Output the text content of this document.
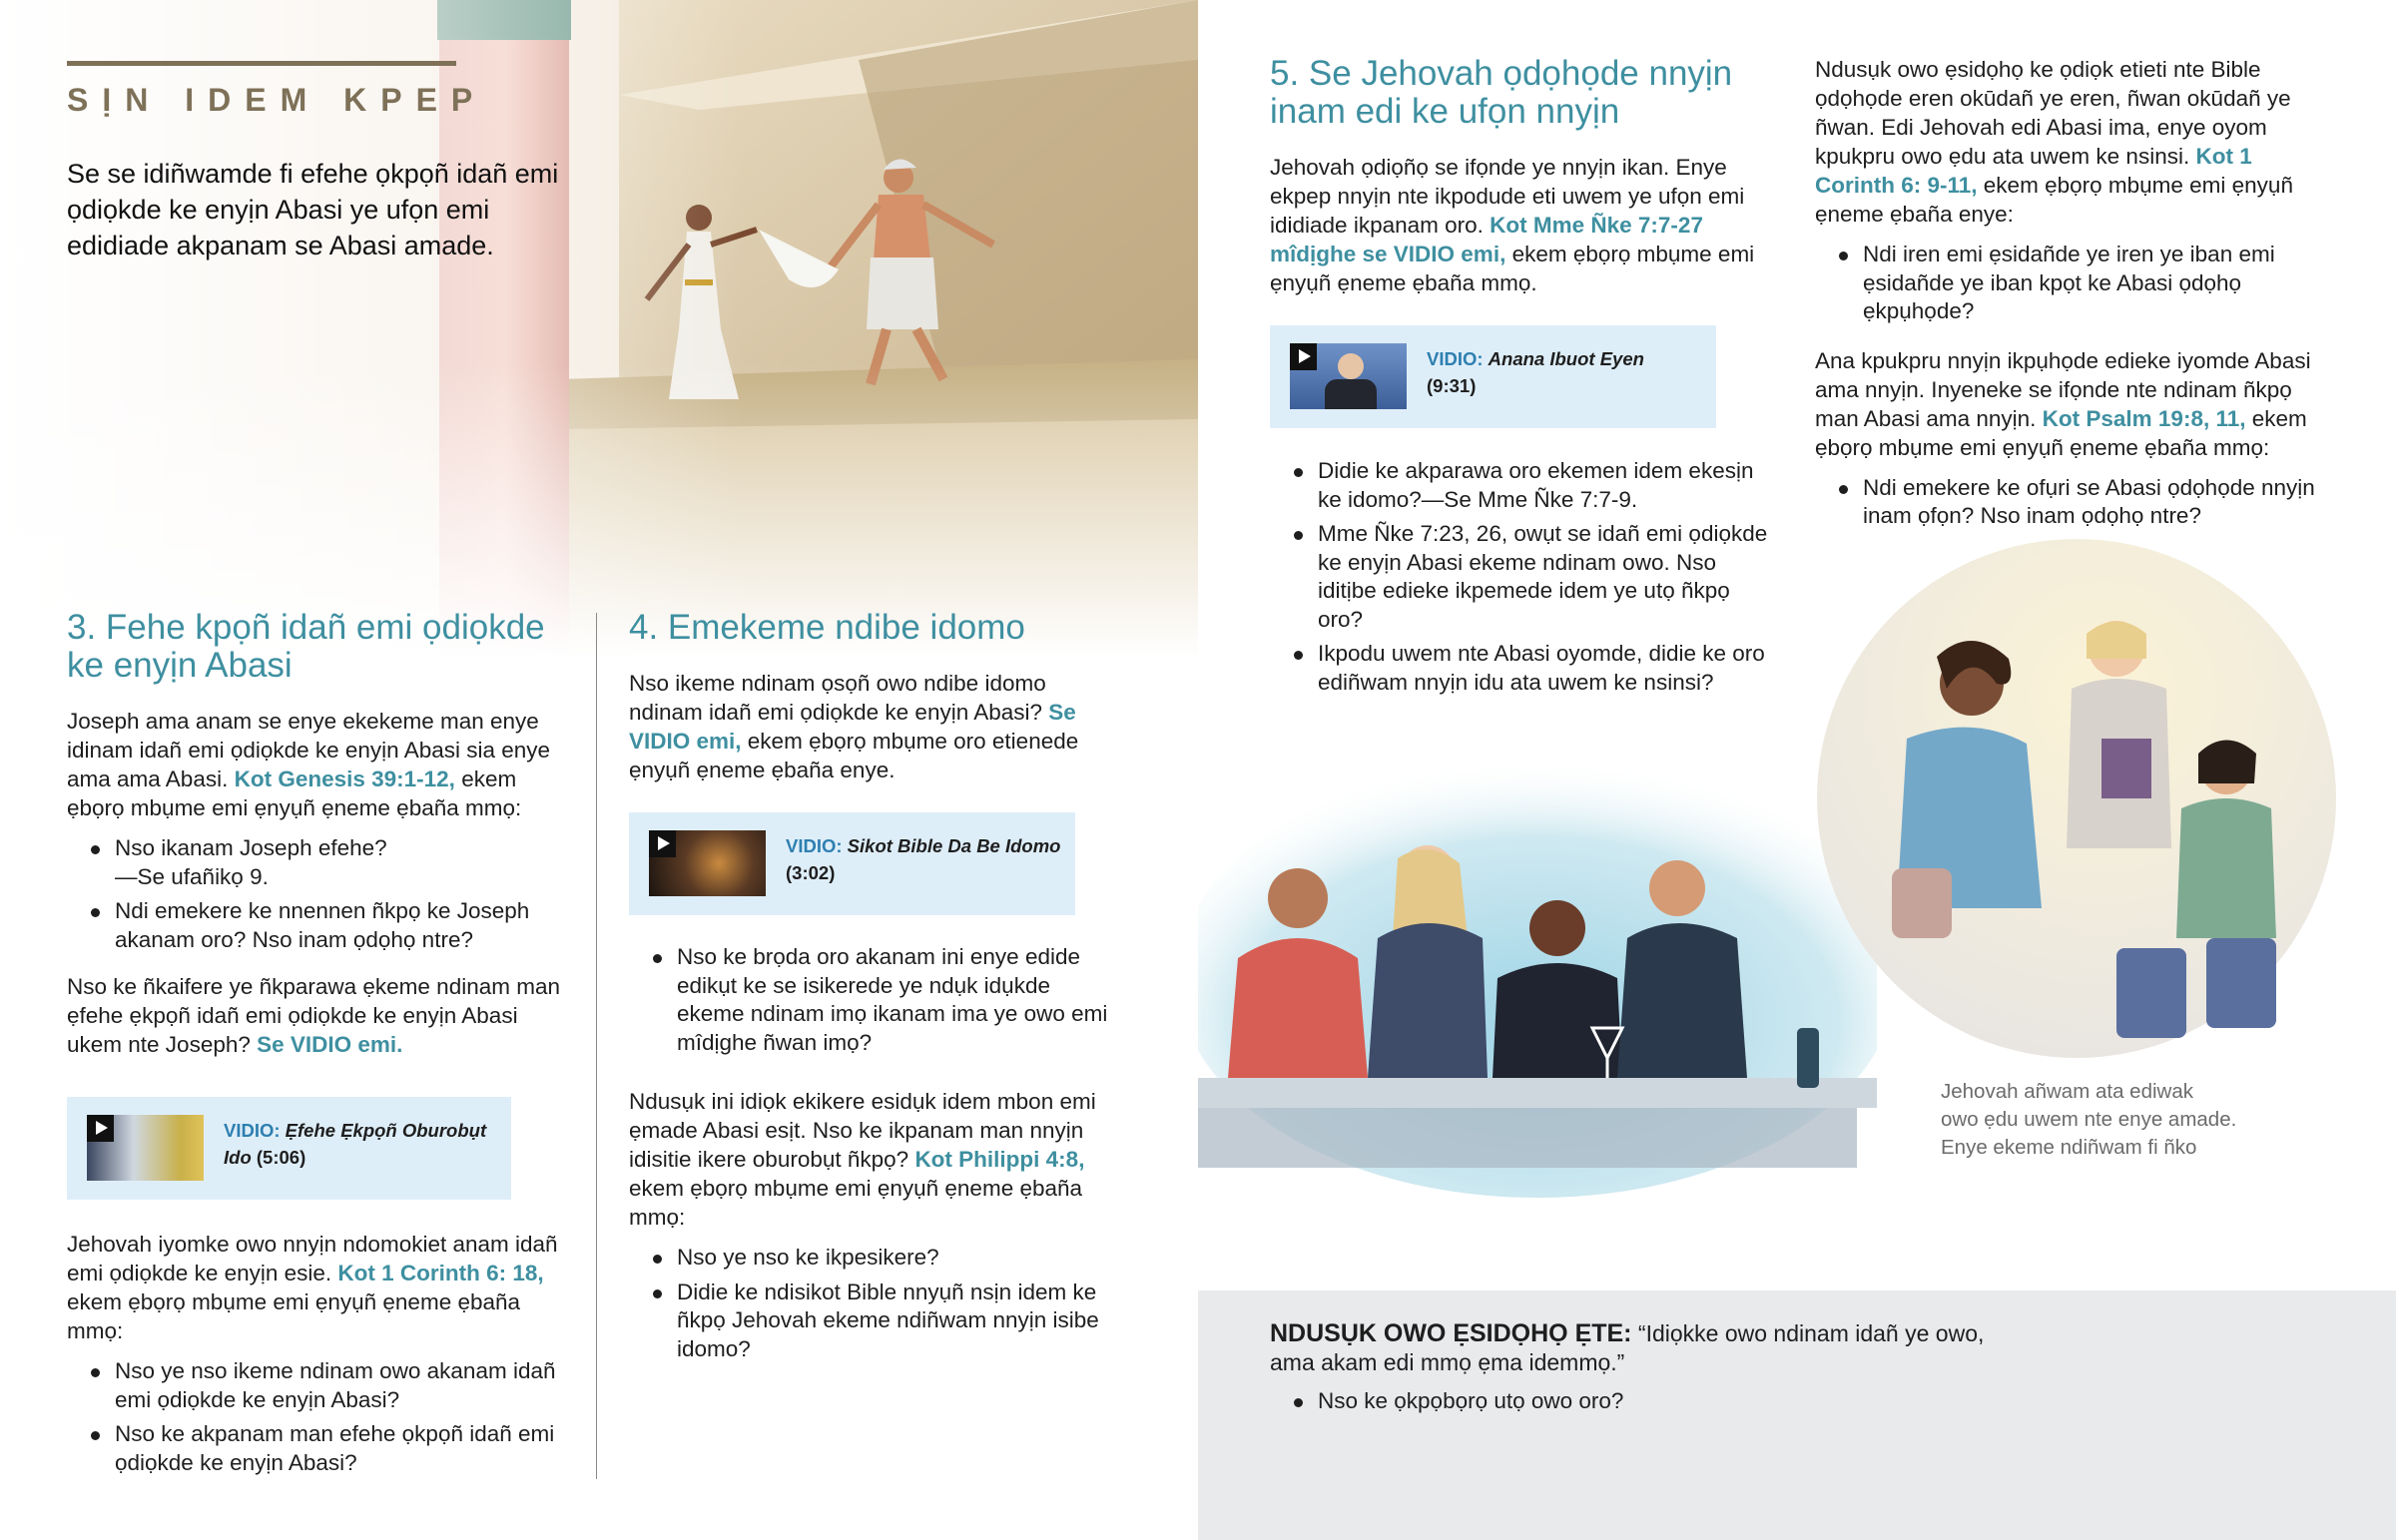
SỊN IDEM KPEP

Se se idiñwamde fi efehe ọkpọñ idañ emi ọdiọkde ke enyịn Abasi ye ufọn emi edidiade akpanam se Abasi amade.

3. Fehe kpọñ idañ emi ọdiọkde ke enyịn Abasi

Joseph ama anam se enye ekekeme man enye idinam idañ emi ọdiọkde ke enyịn Abasi sia enye ama ama Abasi. Kot Genesis 39:1-12, ekem ẹbọrọ mbụme emi ẹnyụñ ẹneme ẹbaña mmọ:

Nso ikanam Joseph efehe?
—Se ufañikọ 9.
Ndi emekere ke nnennen ñkpọ ke Joseph akanam oro? Nso inam ọdọhọ ntre?

Nso ke ñkaifere ye ñkparawa ẹkeme ndinam man ẹfehe ẹkpọñ idañ emi ọdiọkde ke enyịn Abasi ukem nte Joseph? Se VIDIO emi.

VIDIO: Ẹfehe Ẹkpọñ Oburobụt Ido (5:06)

Jehovah iyomke owo nnyịn ndomokiet anam idañ emi ọdiọkde ke enyịn esie. Kot 1 Corinth 6: 18, ekem ẹbọrọ mbụme emi ẹnyụñ ẹneme ẹbaña mmọ:

Nso ye nso ikeme ndinam owo akanam idañ emi ọdiọkde ke enyịn Abasi?
Nso ke akpanam man efehe ọkpọñ idañ emi ọdiọkde ke enyịn Abasi?
4. Emekeme ndibe idomo

Nso ikeme ndinam ọsọñ owo ndibe idomo ndinam idañ emi ọdiọkde ke enyịn Abasi? Se VIDIO emi, ekem ẹbọrọ mbụme oro etienede ẹnyụñ ẹneme ẹbaña enye.

VIDIO: Sikot Bible Da Be Idomo (3:02)
Nso ke brọda oro akanam ini enye edide edikụt ke se isikerede ye ndụk idụkde ekeme ndinam imọ ikanam ima ye owo emi mîdịghe ñwan imọ?

Ndusụk ini idiọk ekikere esidụk idem mbon emi ẹmade Abasi esịt. Nso ke ikpanam man nnyịn idisitie ikere oburobụt ñkpọ? Kot Philippi 4:8, ekem ẹbọrọ mbụme emi ẹnyụñ ẹneme ẹbaña mmọ:

Nso ye nso ke ikpesikere?
Didie ke ndisikot Bible nnyụñ nsịn idem ke ñkpọ Jehovah ekeme ndiñwam nnyịn isibe idomo?
5. Se Jehovah ọdọhọde nnyịn inam edi ke ufọn nnyịn

Jehovah ọdiọñọ se ifọnde ye nnyịn ikan. Enye ekpep nnyịn nte ikpodude eti uwem ye ufọn emi ididiade ikpanam oro. Kot Mme Ñke 7:7-27 mîdịghe se VIDIO emi, ekem ẹbọrọ mbụme emi ẹnyụñ ẹneme ẹbaña mmọ.

VIDIO: Anana Ibuot Eyen
(9:31)
Didie ke akparawa oro ekemen idem ekesịn ke idomo?—Se Mme Ñke 7:7-9.
Mme Ñke 7:23, 26, owụt se idañ emi ọdiọkde ke enyịn Abasi ekeme ndinam owo. Nso iditịbe edieke ikpemede idem ye utọ ñkpọ oro?
Ikpodu uwem nte Abasi oyomde, didie ke oro ediñwam nnyịn idu ata uwem ke nsinsi?

Ndusụk owo ẹsidọhọ ke ọdiọk etieti nte Bible ọdọhọde eren okūdañ ye eren, ñwan okūdañ ye ñwan. Edi Jehovah edi Abasi ima, enye oyom kpukpru owo ẹdu ata uwem ke nsinsi. Kot 1 Corinth 6: 9-11, ekem ẹbọrọ mbụme emi ẹnyụñ ẹneme ẹbaña enye:

Ndi iren emi ẹsidañde ye iren ye iban emi ẹsidañde ye iban kpọt ke Abasi ọdọhọ ẹkpụhọde?

Ana kpukpru nnyịn ikpụhọde edieke iyomde Abasi ama nnyịn. Inyeneke se ifọnde nte ndinam ñkpọ man Abasi ama nnyịn. Kot Psalm 19:8, 11, ekem ẹbọrọ mbụme emi ẹnyụñ ẹneme ẹbaña mmọ:

Ndi emekere ke ofụri se Abasi ọdọhọde nnyịn inam ọfọn? Nso inam ọdọhọ ntre?
Jehovah añwam ata ediwak
owo ẹdu uwem nte enye amade.
Enye ekeme ndiñwam fi ñko

NDUSỤK OWO ẸSIDỌHỌ ẸTE: “Idiọkke owo ndinam idañ ye owo, ama akam edi mmọ ẹma idemmọ.”

Nso ke ọkpọbọrọ utọ owo oro?
